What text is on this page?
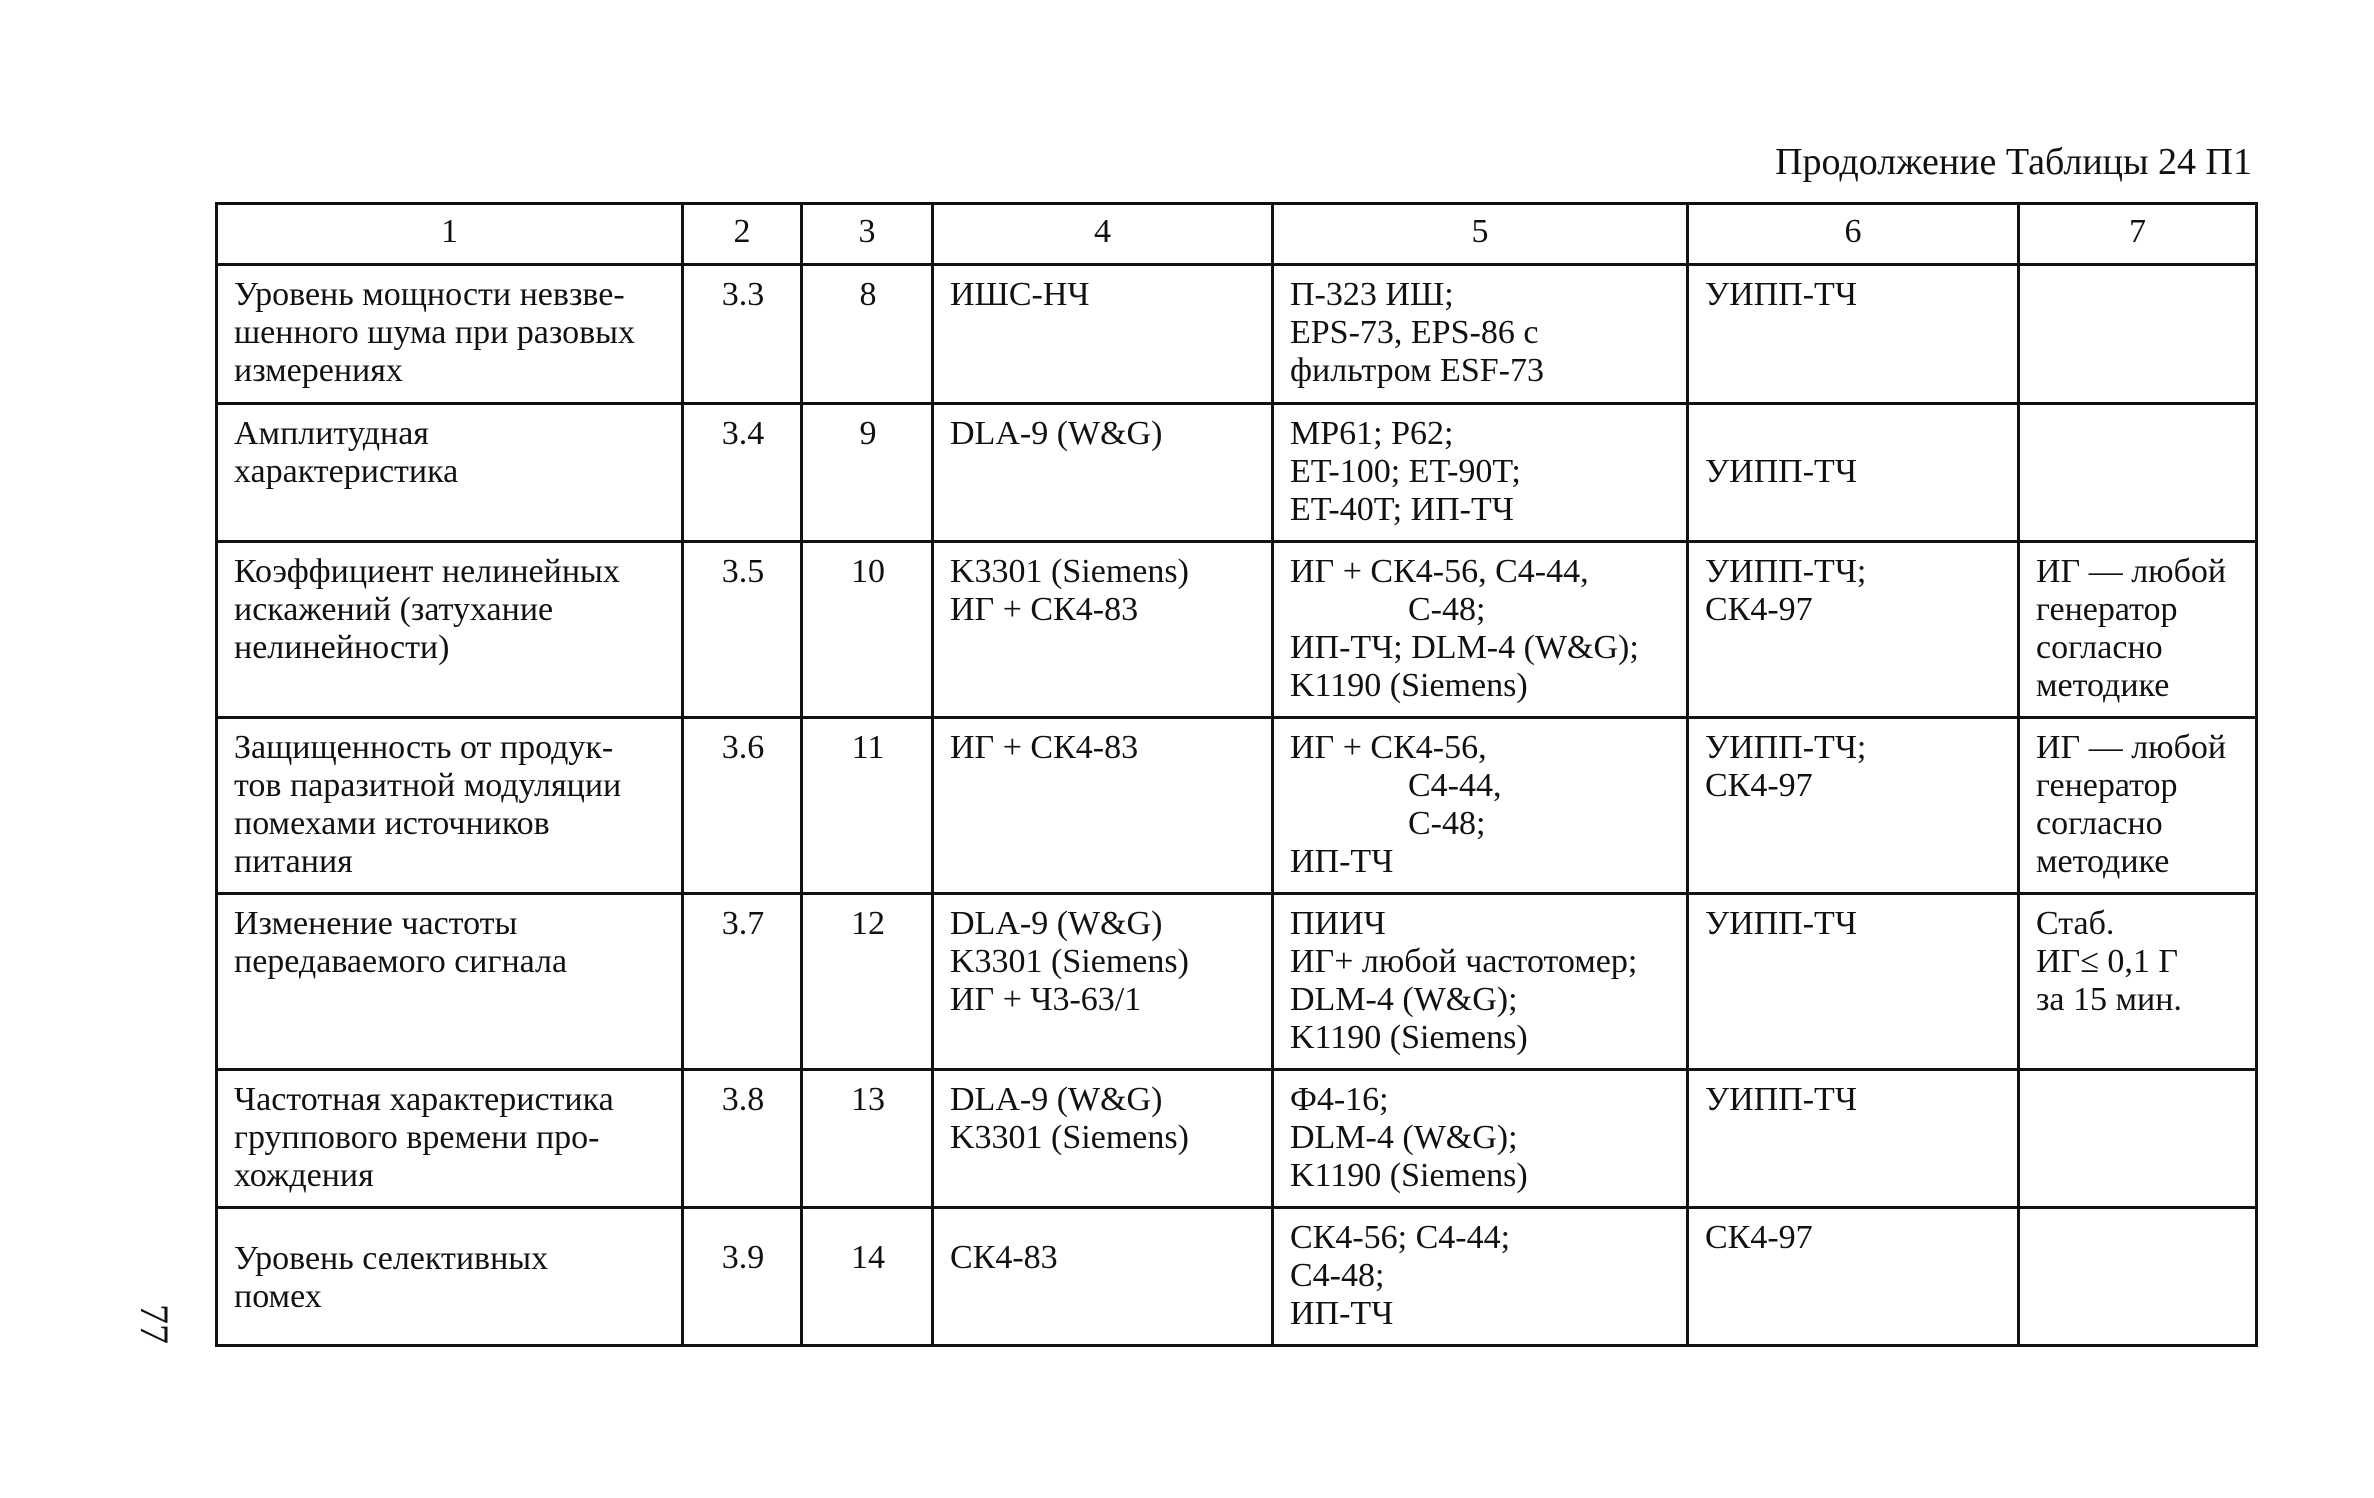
Продолжение Таблицы 24 П1
77
1	2	3	4	5	6	7

Уровень мощности невзве-
шенного шума при разовых
измерениях	3.3	8	ИШС-НЧ	П-323 ИШ;
EPS-73, EPS-86 с
фильтром ESF-73	УИПП-ТЧ	

Амплитудная
характеристика	3.4	9	DLA-9 (W&G)	MP61; P62;
ET-100; ET-90T;
ET-40T; ИП-ТЧ	УИПП-ТЧ	

Коэффициент нелинейных
искажений (затухание
нелинейности)	3.5	10	K3301 (Siemens)
ИГ + СК4-83	ИГ + СК4-56, С4-44,
С-48;
ИП-ТЧ; DLM-4 (W&G);
K1190 (Siemens)	УИПП-ТЧ;
СК4-97	ИГ — любой
генератор
согласно
методике

Защищенность от продук-
тов паразитной модуляции
помехами источников
питания	3.6	11	ИГ + СК4-83	ИГ + СК4-56,
С4-44,
С-48;
ИП-ТЧ	УИПП-ТЧ;
СК4-97	ИГ — любой
генератор
согласно
методике

Изменение частоты
передаваемого сигнала	3.7	12	DLA-9 (W&G)
K3301 (Siemens)
ИГ + Ч3-63/1	ПИИЧ
ИГ+ любой частотомер;
DLM-4 (W&G);
K1190 (Siemens)	УИПП-ТЧ	Стаб.
ИГ≤ 0,1 Г
за 15 мин.

Частотная характеристика
группового времени про-
хождения	3.8	13	DLA-9 (W&G)
K3301 (Siemens)	Ф4-16;
DLM-4 (W&G);
K1190 (Siemens)	УИПП-ТЧ	

Уровень селективных
помех	3.9	14	СК4-83	СК4-56; С4-44;
С4-48;
ИП-ТЧ	СК4-97	
